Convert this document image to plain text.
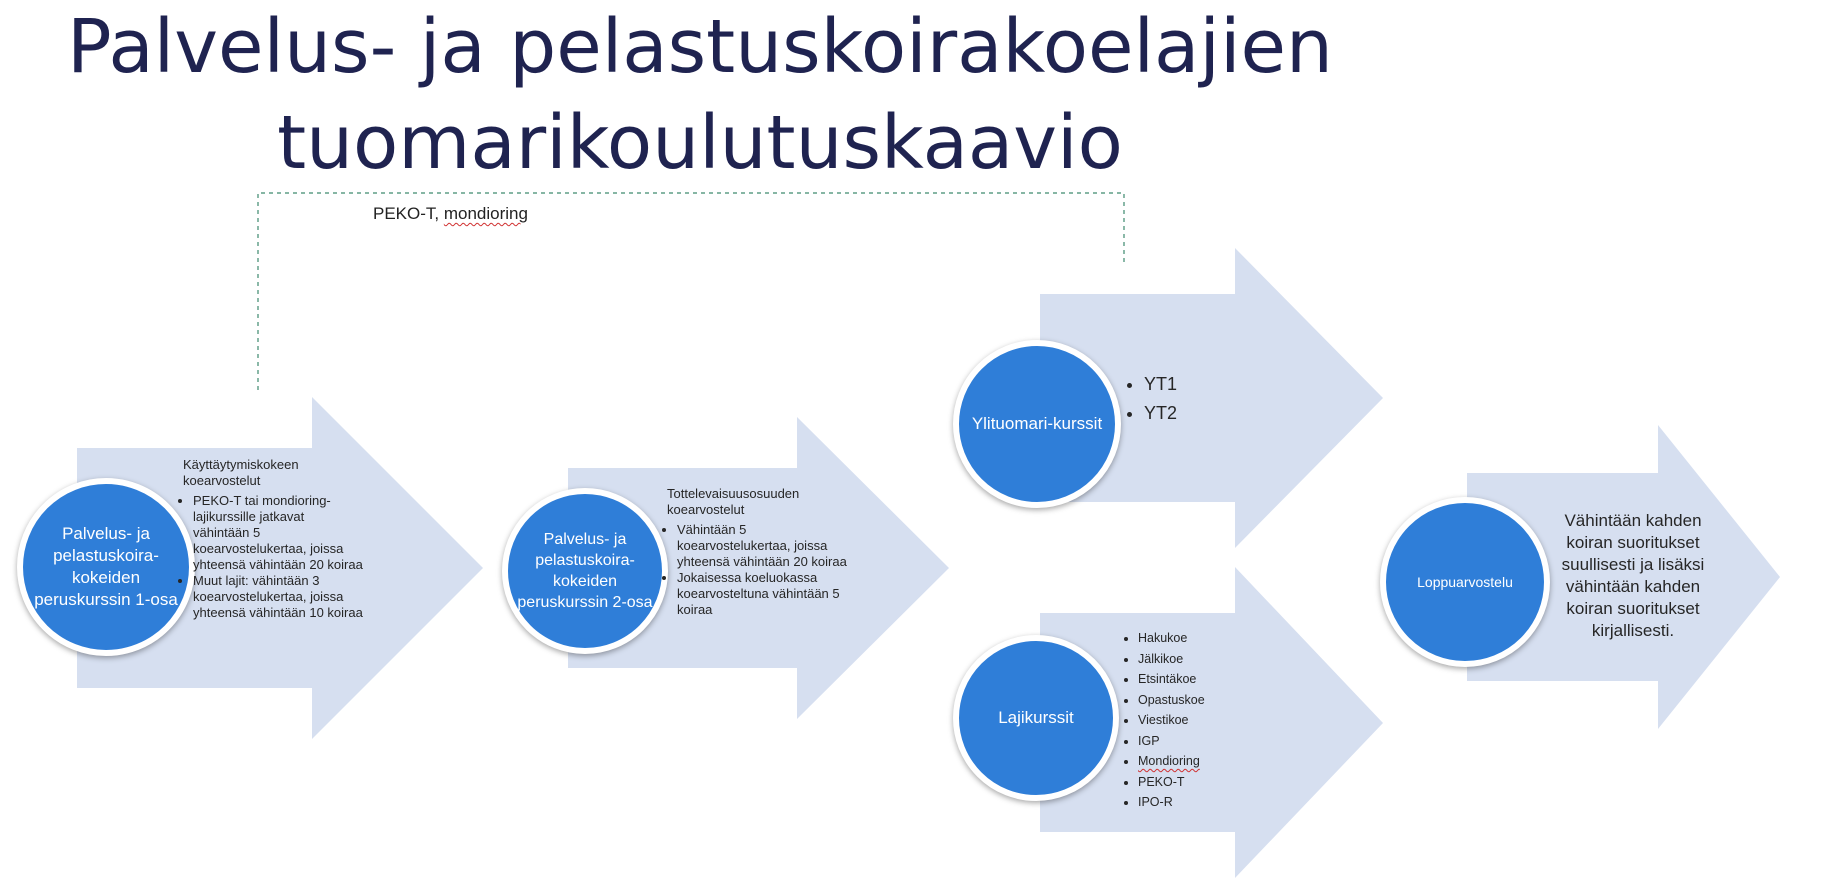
Palvelus- ja pelastuskoirakoelajien
tuomarikoulutuskaavio
PEKO-T, mondioring
Palvelus- ja pelastuskoira-kokeiden peruskurssin 1-osa
Käyttäytymiskokeen koearvostelut
• PEKO-T tai mondioring-lajikurssille jatkavat vähintään 5 koearvostelukertaa, joissa yhteensä vähintään 20 koiraa
• Muut lajit: vähintään 3 koearvostelukertaa, joissa yhteensä vähintään 10 koiraa
Palvelus- ja pelastuskoira-kokeiden peruskurssin 2-osa
Tottelevaisuusosuuden koearvostelut
• Vähintään 5 koearvostelukertaa, joissa yhteensä vähintään 20 koiraa
• Jokaisessa koeluokassa koearvosteltuna vähintään 5 koiraa
Ylituomari-kurssit
• YT1
• YT2
Lajikurssit
• Hakukoe
• Jälkikoe
• Etsintäkoe
• Opastuskoe
• Viestikoe
• IGP
• Mondioring
• PEKO-T
• IPO-R
Loppuarvostelu
Vähintään kahden koiran suoritukset suullisesti ja lisäksi vähintään kahden koiran suoritukset kirjallisesti.
